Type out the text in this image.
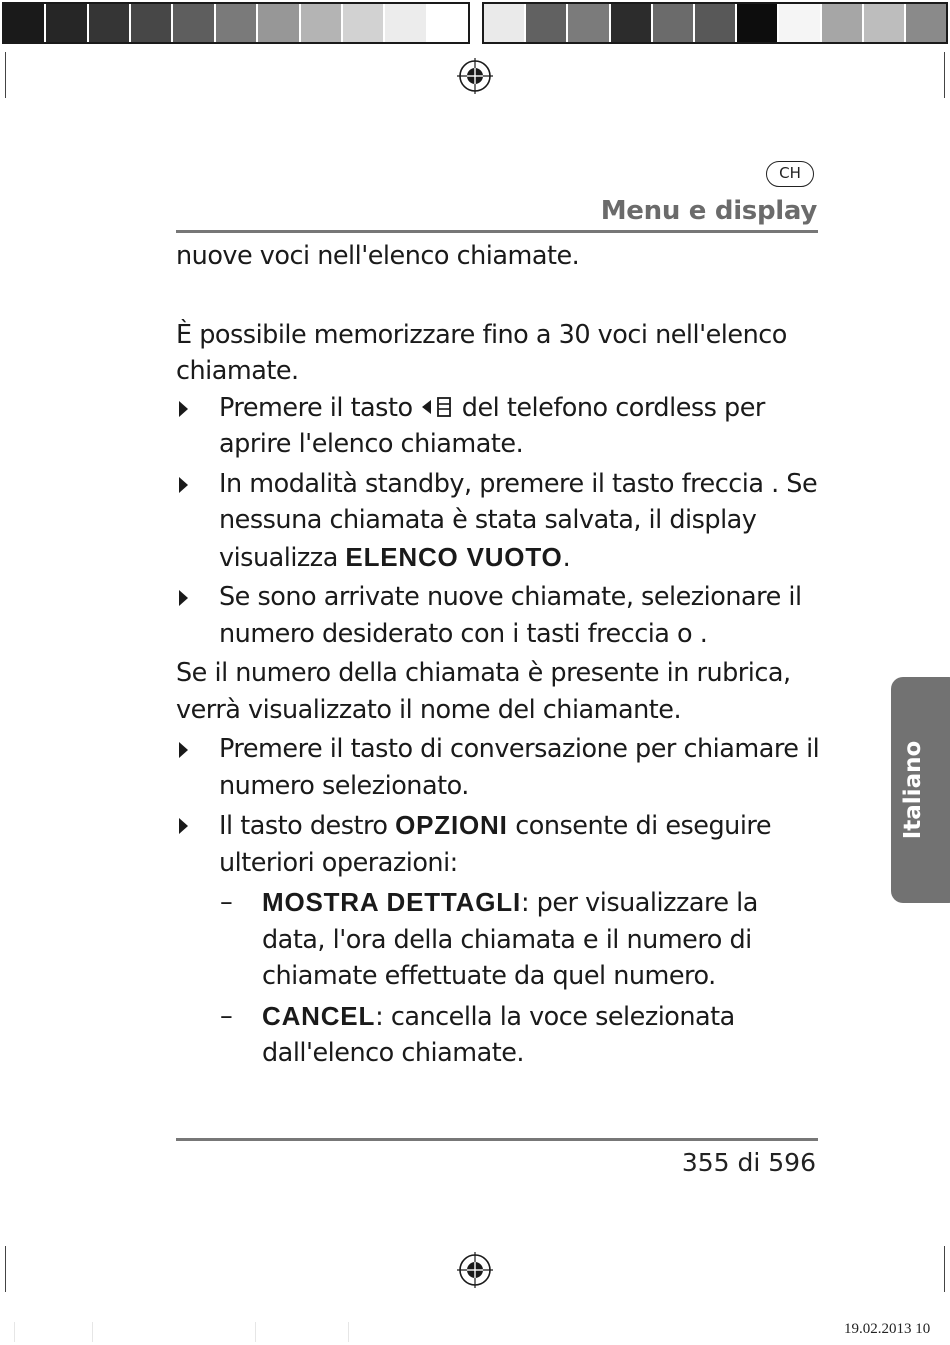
CH
Menu e display

nuove voci nell'elenco chiamate.

È possibile memorizzare fino a 30 voci nell'elenco chiamate.

Premere il tasto  del telefono cordless per aprire l'elenco chiamate.

In modalità standby, premere il tasto freccia . Se nessuna chiamata è stata salvata, il display visualizza ELENCO VUOTO.

Se sono arrivate nuove chiamate, selezionare il numero desiderato con i tasti freccia o .

Se il numero della chiamata è presente in rubrica, verrà visualizzato il nome del chiamante.

Premere il tasto di conversazione per chiamare il numero selezionato.

Il tasto destro OPZIONI consente di eseguire ulteriori operazioni:

– MOSTRA DETTAGLI: per visualizzare la data, l'ora della chiamata e il numero di chiamate effettuate da quel numero.

– CANCEL: cancella la voce selezionata dall'elenco chiamate.

355 di 596
Italiano
19.02.2013 10
